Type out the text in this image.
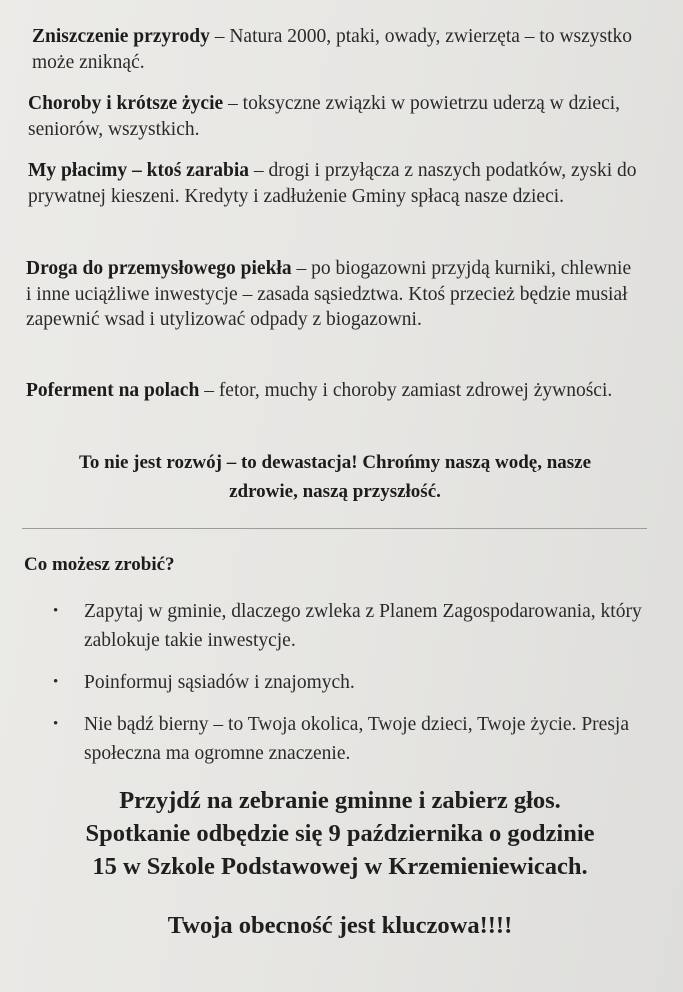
Zniszczenie przyrody – Natura 2000, ptaki, owady, zwierzęta – to wszystko może zniknąć.

Choroby i krótsze życie – toksyczne związki w powietrzu uderzą w dzieci, seniorów, wszystkich.

My płacimy – ktoś zarabia – drogi i przyłącza z naszych podatków, zyski do prywatnej kieszeni. Kredyty i zadłużenie Gminy spłacą nasze dzieci.

Droga do przemysłowego piekła – po biogazowni przyjdą kurniki, chlewnie i inne uciążliwe inwestycje – zasada sąsiedztwa. Ktoś przecież będzie musiał zapewnić wsad i utylizować odpady z biogazowni.

Poferment na polach – fetor, muchy i choroby zamiast zdrowej żywności.

To nie jest rozwój – to dewastacja! Chrońmy naszą wodę, nasze
zdrowie, naszą przyszłość.
Co możesz zrobić?
• Zapytaj w gminie, dlaczego zwleka z Planem Zagospodarowania, który zablokuje takie inwestycje.
• Poinformuj sąsiadów i znajomych.
• Nie bądź bierny – to Twoja okolica, Twoje dzieci, Twoje życie. Presja społeczna ma ogromne znaczenie.
Przyjdź na zebranie gminne i zabierz głos.
Spotkanie odbędzie się 9 października o godzinie
15 w Szkole Podstawowej w Krzemieniewicach.
Twoja obecność jest kluczowa!!!!
